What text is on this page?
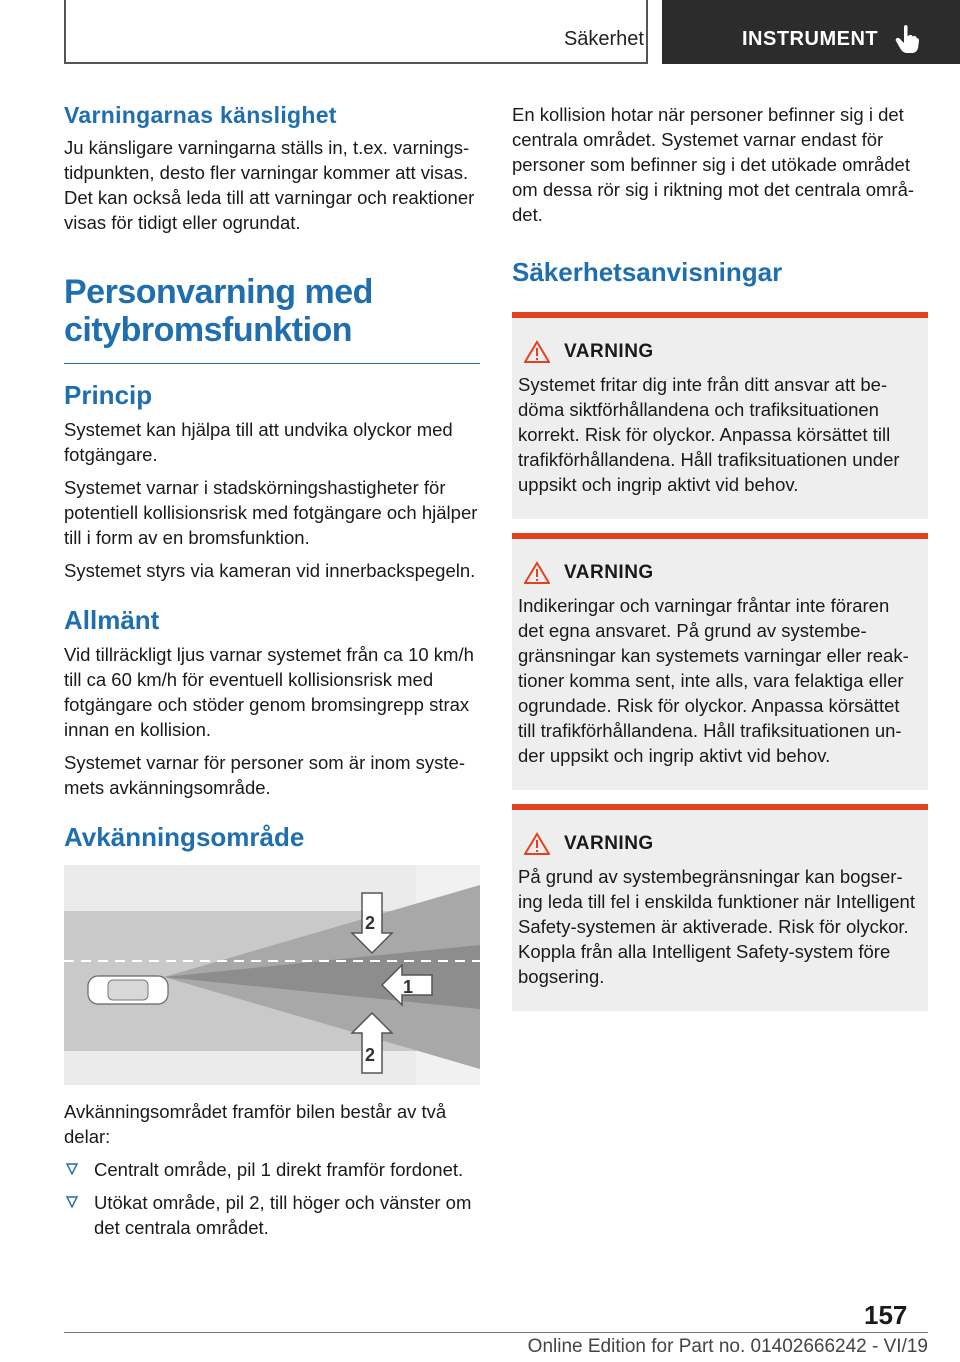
Säkerhet	INSTRUMENT
Varningarnas känslighet

Ju känsligare varningarna ställs in, t.ex. varningstidpunkten, desto fler varningar kommer att visas. Det kan också leda till att varningar och reaktioner visas för tidigt eller ogrundat.

Personvarning med citybromsfunktion
Princip

Systemet kan hjälpa till att undvika olyckor med fotgängare.

Systemet varnar i stadskörningshastigheter för potentiell kollisionsrisk med fotgängare och hjälper till i form av en bromsfunktion.

Systemet styrs via kameran vid innerbackspegeln.

Allmänt

Vid tillräckligt ljus varnar systemet från ca 10 km/h till ca 60 km/h för eventuell kollisionsrisk med fotgängare och stöder genom bromsingrepp strax innan en kollision.

Systemet varnar för personer som är inom systemets avkänningsområde.

Avkänningsområde
2
1
2

Avkänningsområdet framför bilen består av två delar:

Centralt område, pil 1 direkt framför fordonet.
Utökat område, pil 2, till höger och vänster om det centrala området.

En kollision hotar när personer befinner sig i det centrala området. Systemet varnar endast för personer som befinner sig i det utökade området om dessa rör sig i riktning mot det centrala området.

Säkerhetsanvisningar
VARNING

Systemet fritar dig inte från ditt ansvar att bedöma siktförhållandena och trafiksituationen korrekt. Risk för olyckor. Anpassa körsättet till trafikförhållandena. Håll trafiksituationen under uppsikt och ingrip aktivt vid behov.

VARNING

Indikeringar och varningar fråntar inte föraren det egna ansvaret. På grund av systembegränsningar kan systemets varningar eller reaktioner komma sent, inte alls, vara felaktiga eller ogrundade. Risk för olyckor. Anpassa körsättet till trafikförhållandena. Håll trafiksituationen under uppsikt och ingrip aktivt vid behov.

VARNING

På grund av systembegränsningar kan bogsering leda till fel i enskilda funktioner när Intelligent Safety-systemen är aktiverade. Risk för olyckor. Koppla från alla Intelligent Safety-system före bogsering.

157
Online Edition for Part no. 01402666242 - VI/19
